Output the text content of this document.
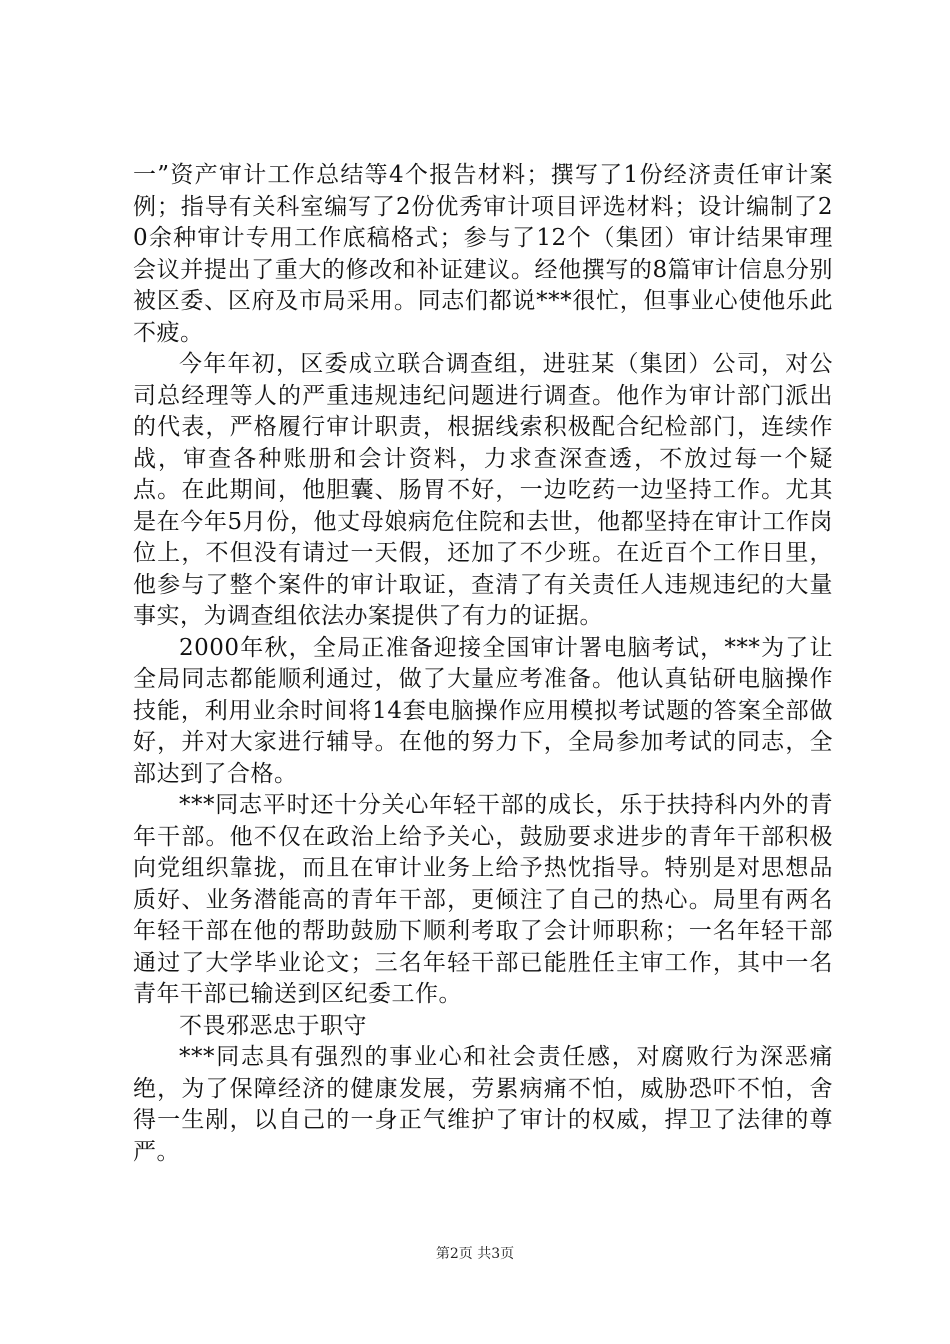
一”资产审计工作总结等4个报告材料；撰写了1份经济责任审计案例；指导有关科室编写了2份优秀审计项目评选材料；设计编制了20余种审计专用工作底稿格式；参与了12个（集团）审计结果审理会议并提出了重大的修改和补证建议。经他撰写的8篇审计信息分别被区委、区府及市局采用。同志们都说***很忙，但事业心使他乐此不疲。

今年年初，区委成立联合调查组，进驻某（集团）公司，对公司总经理等人的严重违规违纪问题进行调查。他作为审计部门派出的代表，严格履行审计职责，根据线索积极配合纪检部门，连续作战，审查各种账册和会计资料，力求查深查透，不放过每一个疑点。在此期间，他胆囊、肠胃不好，一边吃药一边坚持工作。尤其是在今年5月份，他丈母娘病危住院和去世，他都坚持在审计工作岗位上，不但没有请过一天假，还加了不少班。在近百个工作日里，他参与了整个案件的审计取证，查清了有关责任人违规违纪的大量事实，为调查组依法办案提供了有力的证据。

2000年秋，全局正准备迎接全国审计署电脑考试，***为了让全局同志都能顺利通过，做了大量应考准备。他认真钻研电脑操作技能，利用业余时间将14套电脑操作应用模拟考试题的答案全部做好，并对大家进行辅导。在他的努力下，全局参加考试的同志，全部达到了合格。

***同志平时还十分关心年轻干部的成长，乐于扶持科内外的青年干部。他不仅在政治上给予关心，鼓励要求进步的青年干部积极向党组织靠拢，而且在审计业务上给予热忱指导。特别是对思想品质好、业务潜能高的青年干部，更倾注了自己的热心。局里有两名年轻干部在他的帮助鼓励下顺利考取了会计师职称；一名年轻干部通过了大学毕业论文；三名年轻干部已能胜任主审工作，其中一名青年干部已输送到区纪委工作。

不畏邪恶忠于职守

***同志具有强烈的事业心和社会责任感，对腐败行为深恶痛绝，为了保障经济的健康发展，劳累病痛不怕，威胁恐吓不怕，舍得一生剐，以自己的一身正气维护了审计的权威，捍卫了法律的尊严。

第2页 共3页
